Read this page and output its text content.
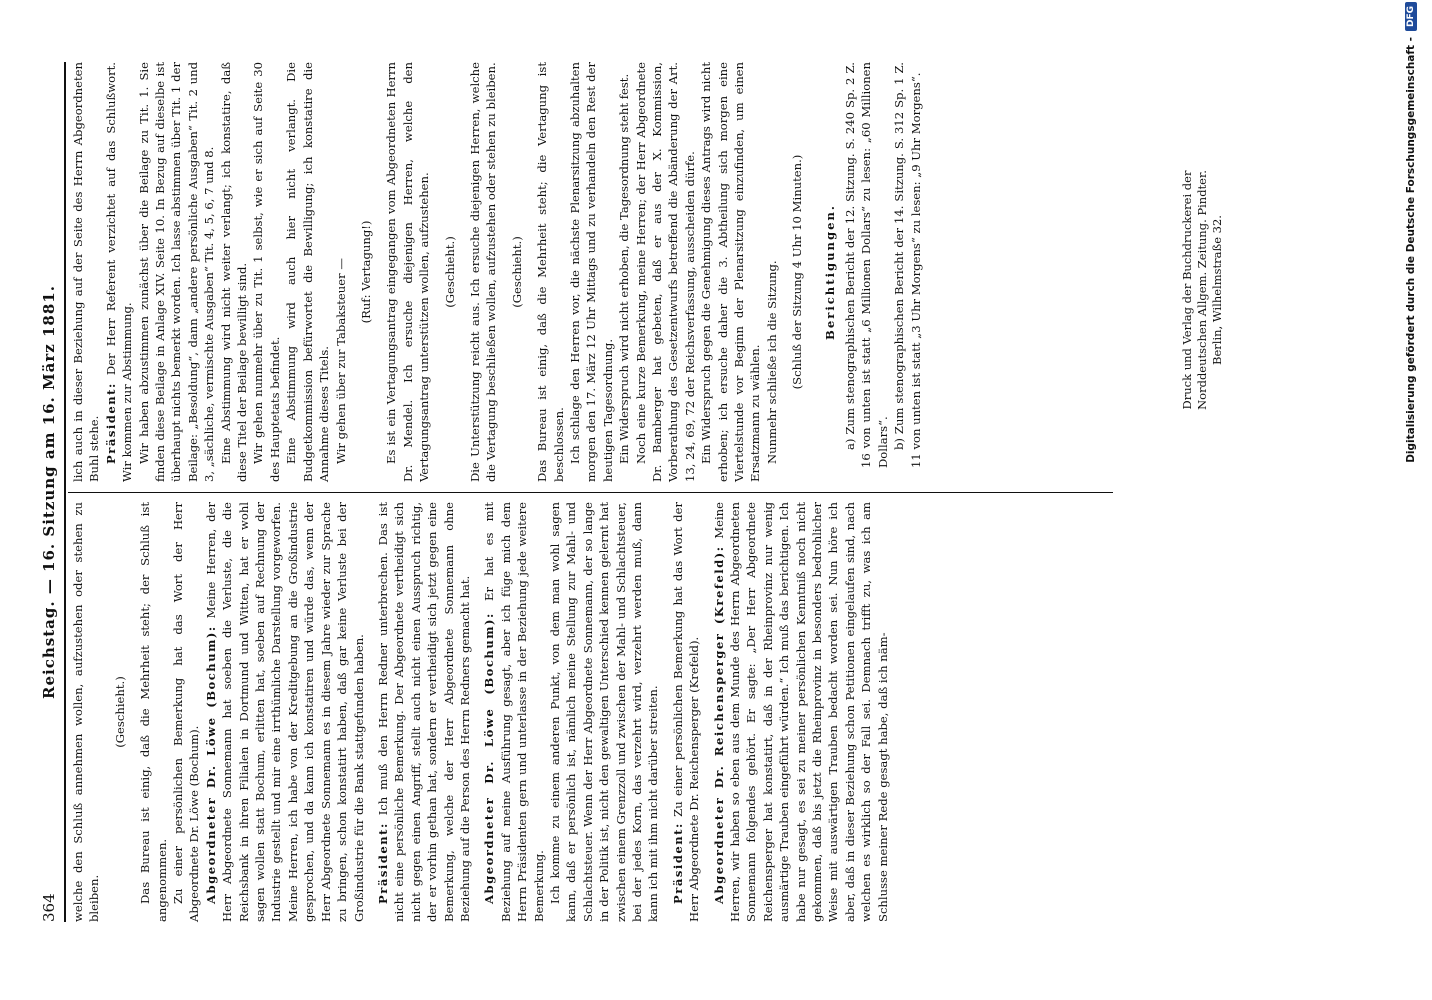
364
Reichstag. — 16. Sitzung am 16. März 1881.

welche den Schluß annehmen wollen, aufzustehen oder stehen zu bleiben.

(Geschieht.) Das Bureau ist einig, daß die Mehrheit steht; der Schluß ist angenommen. Zu einer persönlichen Bemerkung hat das Wort der Herr Abgeordnete Dr. Löwe (Bochum). Abgeordneter Dr. Löwe (Bochum): Meine Herren, der Herr Abgeordnete Sonnemann hat soeben die Verluste, die die Reichsbank in ihren Filialen in Dortmund und Witten, hat er wohl sagen wollen statt Bochum, erlitten hat, soeben auf Rechnung der Industrie gestellt und mir eine irrthümliche Darstellung vorgeworfen. Meine Herren, ich habe von der Kreditgebung an die Großindustrie gesprochen, und da kann ich konstatiren und würde das, wenn der Herr Abgeordnete Sonnemann es in diesem Jahre wieder zur Sprache zu bringen, schon konstatirt haben, daß gar keine Verluste bei der Großindustrie für die Bank stattgefunden haben. Präsident: Ich muß den Herrn Redner unterbrechen. Das ist nicht eine persönliche Bemerkung. Der Abgeordnete vertheidigt sich nicht gegen einen Angriff, stellt auch nicht einen Ausspruch richtig, der er vorhin gethan hat, sondern er vertheidigt sich jetzt gegen eine Bemerkung, welche der Herr Abgeordnete Sonnemann ohne Beziehung auf die Person des Herrn Redners gemacht hat. Abgeordneter Dr. Löwe (Bochum): Er hat es mit Beziehung auf meine Ausführung gesagt, aber ich füge mich dem Herrn Präsidenten gern und unterlasse in der Beziehung jede weitere Bemerkung. Ich komme zu einem anderen Punkt, von dem man wohl sagen kann, daß er persönlich ist, nämlich meine Stellung zur Mahl- und Schlachtsteuer. Wenn der Herr Abgeordnete Sonnemann, der so lange in der Politik ist, nicht den gewaltigen Unterschied kennen gelernt hat zwischen einem Grenzzoll und zwischen der Mahl- und Schlachtsteuer, bei der jedes Korn, das verzehrt wird, verzehrt werden muß, dann kann ich mit ihm nicht darüber streiten. Präsident: Zu einer persönlichen Bemerkung hat das Wort der Herr Abgeordnete Dr. Reichensperger (Krefeld). Abgeordneter Dr. Reichensperger (Krefeld): Meine Herren, wir haben so eben aus dem Munde des Herrn Abgeordneten Sonnemann folgendes gehört. Er sagte: „Der Herr Abgeordnete Reichensperger hat konstatirt, daß in der Rheinprovinz nur wenig ausmärtige Trauben eingeführt würden.“ Ich muß das berichtigen. Ich habe nur gesagt, es sei zu meiner persönlichen Kenntniß noch nicht gekommen, daß bis jetzt die Rheinprovinz in besonders bedrohlicher Weise mit auswärtigen Trauben bedacht worden sei. Nun höre ich aber, daß in dieser Beziehung schon Petitionen eingelaufen sind, nach welchen es wirklich so der Fall sei. Demnach trifft zu, was ich am Schlusse meiner Rede gesagt habe, daß ich näm-

lich auch in dieser Beziehung auf der Seite des Herrn Abgeordneten Buhl stehe. Präsident: Der Herr Referent verzichtet auf das Schlußwort. Wir kommen zur Abstimmung. Wir haben abzustimmen zunächst über die Beilage zu Tit. 1. Sie finden diese Beilage in Anlage XIV. Seite 10. In Bezug auf dieselbe ist überhaupt nichts bemerkt worden. Ich lasse abstimmen über Tit. 1 der Beilage: „Besoldung“, dann „andere persönliche Ausgaben“ Tit. 2 und 3, „sächliche, vermischte Ausgaben“ Tit. 4, 5, 6, 7 und 8. Eine Abstimmung wird nicht weiter verlangt; ich konstatire, daß diese Titel der Beilage bewilligt sind. Wir gehen nunmehr über zu Tit. 1 selbst, wie er sich auf Seite 30 des Hauptetats befindet. Eine Abstimmung wird auch hier nicht verlangt. Die Budgetkommission befürwortet die Bewilligung; ich konstatire die Annahme dieses Titels. Wir gehen über zur Tabaksteuer — (Ruf: Vertagung!) Es ist ein Vertagungsantrag eingegangen vom Abgeordneten Herrn Dr. Mendel. Ich ersuche diejenigen Herren, welche den Vertagungsantrag unterstützen wollen, aufzustehen. (Geschieht.) Die Unterstützung reicht aus. Ich ersuche diejenigen Herren, welche die Vertagung beschließen wollen, aufzustehen oder stehen zu bleiben. (Geschieht.) Das Bureau ist einig, daß die Mehrheit steht; die Vertagung ist beschlossen. Ich schlage den Herren vor, die nächste Plenarsitzung abzuhalten morgen den 17. März 12 Uhr Mittags und zu verhandeln den Rest der heutigen Tagesordnung. Ein Widerspruch wird nicht erhoben, die Tagesordnung steht fest. Noch eine kurze Bemerkung, meine Herren; der Herr Abgeordnete Dr. Bamberger hat gebeten, daß er aus der X. Kommission, Vorberathung des Gesetzentwurfs betreffend die Abänderung der Art. 13, 24, 69, 72 der Reichsverfassung, ausscheiden dürfe. Ein Widerspruch gegen die Genehmigung dieses Antrags wird nicht erhoben; ich ersuche daher die 3. Abtheilung sich morgen eine Viertelstunde vor Beginn der Plenarsitzung einzufinden, um einen Ersatzmann zu wählen. Nunmehr schließe ich die Sitzung. (Schluß der Sitzung 4 Uhr 10 Minuten.) Berichtigungen. a) Zum stenographischen Bericht der 12. Sitzung. S. 240 Sp. 2 Z. 16 von unten ist statt „6 Millionen Dollars“ zu lesen: „60 Millionen Dollars“. b) Zum stenographischen Bericht der 14. Sitzung. S. 312 Sp. 1 Z. 11 von unten ist statt „3 Uhr Morgens“ zu lesen: „9 Uhr Morgens“.	Druck und Verlag der Buchdruckerei der Norddeutschen Allgem. Zeitung. Pindter. Berlin, Wilhelmstraße 32.	Digitalisierung gefördert durch die Deutsche Forschungsgemeinschaft -
DFG
